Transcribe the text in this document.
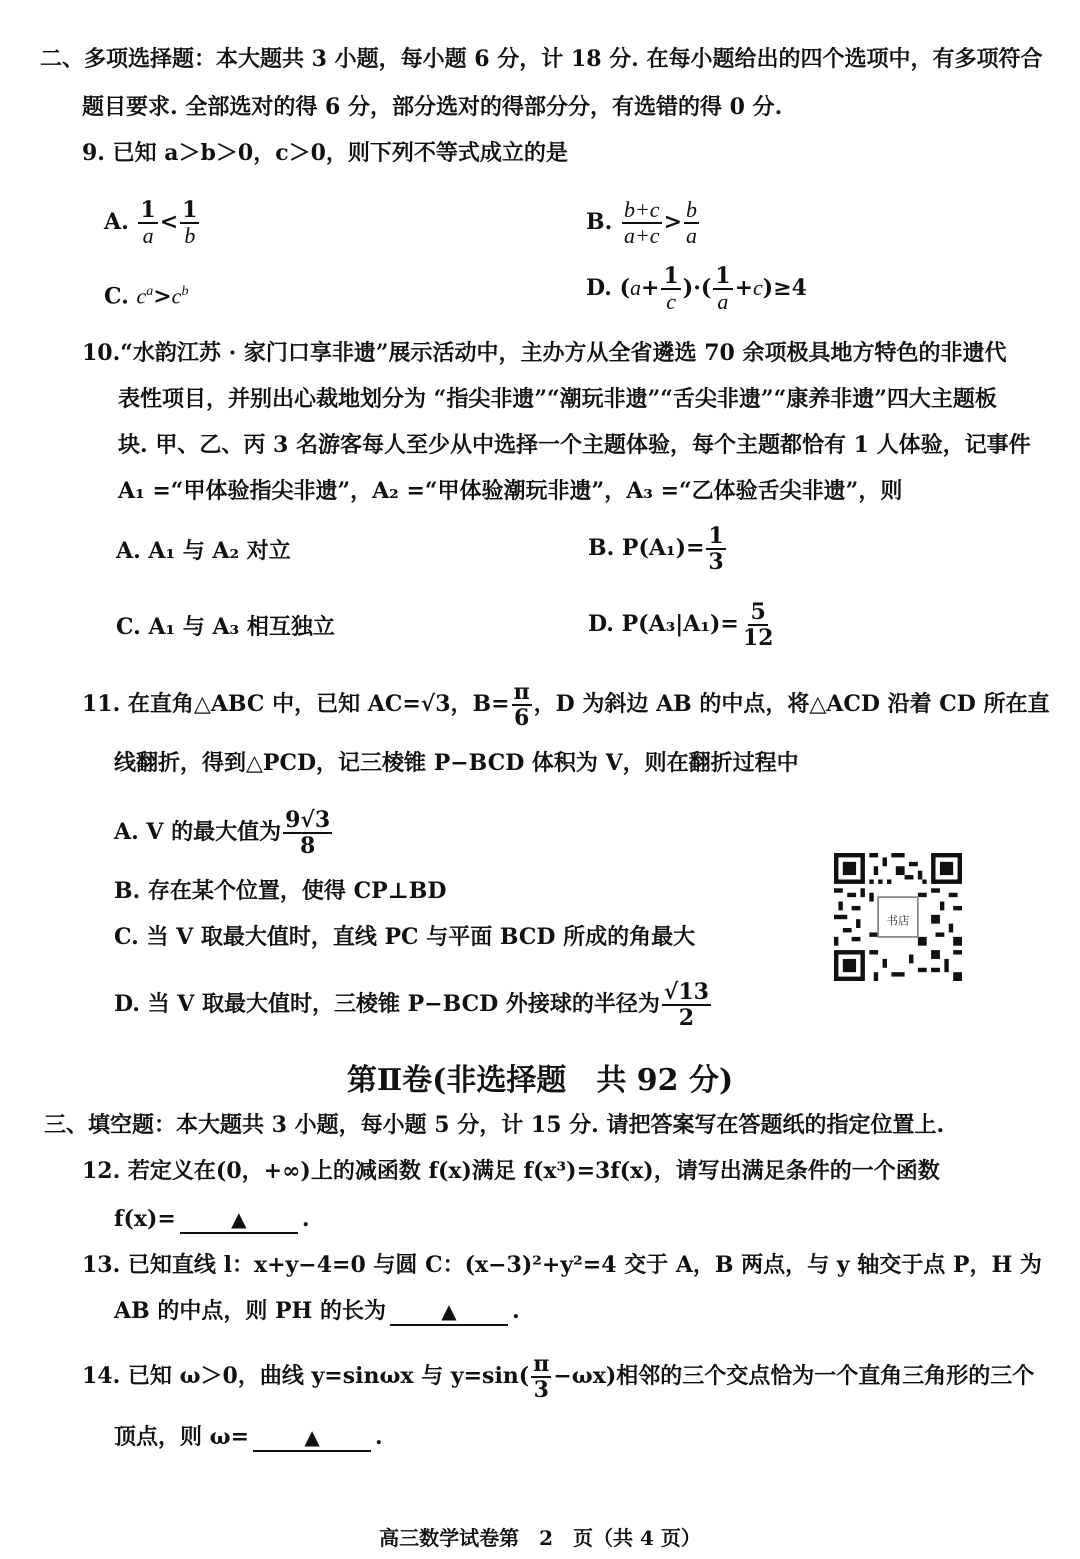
二、多项选择题：本大题共 3 小题，每小题 6 分，计 18 分. 在每小题给出的四个选项中，有多项符合
题目要求. 全部选对的得 6 分，部分选对的得部分分，有选错的得 0 分.
9. 已知 a＞b＞0，c＞0，则下列不等式成立的是
A. $\frac{1}{a} < \frac{1}{b}$	B. $\frac{b+c}{a+c} > \frac{b}{a}$
C. $c^a>c^b$	D. ($a+ \frac{1}{c}$ )·( $\frac{1}{a} +c)\ge 4$
10.“水韵江苏 · 家门口享非遗”展示活动中，主办方从全省遴选 70 余项极具地方特色的非遗代
表性项目，并别出心裁地划分为 “指尖非遗”“潮玩非遗”“舌尖非遗”“康养非遗”四大主题板
块. 甲、乙、丙 3 名游客每人至少从中选择一个主题体验，每个主题都恰有 1 人体验，记事件
A₁ =“甲体验指尖非遗”，A₂ =“甲体验潮玩非遗”，A₃ =“乙体验舌尖非遗”，则
A. A₁ 与 A₂ 对立	B. $P(A_1)= \frac{1}{3}$
C. A₁ 与 A₃ 相互独立	D. $P(A_3|A_1)= \frac{5}{12}$
11. 在直角△ABC 中，已知 AC=√3，$B= \frac{\pi}{6}$ ，D 为斜边 AB 的中点，将△ACD 沿着 CD 所在直
线翻折，得到△PCD，记三棱锥 P−BCD 体积为 V，则在翻折过程中
A. V 的最大值为 $\frac{9√3}{8}$
B. 存在某个位置，使得 CP⊥BD
C. 当 V 取最大值时，直线 PC 与平面 BCD 所成的角最大
D. 当 V 取最大值时，三棱锥 P−BCD 外接球的半径为 $\frac{√13}{2}$
书店
第Ⅱ卷(非选择题　共 92 分)
三、填空题：本大题共 3 小题，每小题 5 分，计 15 分. 请把答案写在答题纸的指定位置上.
12. 若定义在(0，+∞)上的减函数 f(x)满足 f(x³)=3f(x)，请写出满足条件的一个函数
f(x)=	▲	.
13. 已知直线 l：x+y−4=0 与圆 C：(x−3)²+y²=4 交于 A，B 两点，与 y 轴交于点 P，H 为
AB 的中点，则 PH 的长为	▲	.
14. 已知 ω＞0，曲线 y=sinωx 与 $y=\sin( \frac{\pi}{3} -\omega x)$相邻的三个交点恰为一个直角三角形的三个
顶点，则 ω=	▲	.
高三数学试卷第　2　页（共 4 页）
